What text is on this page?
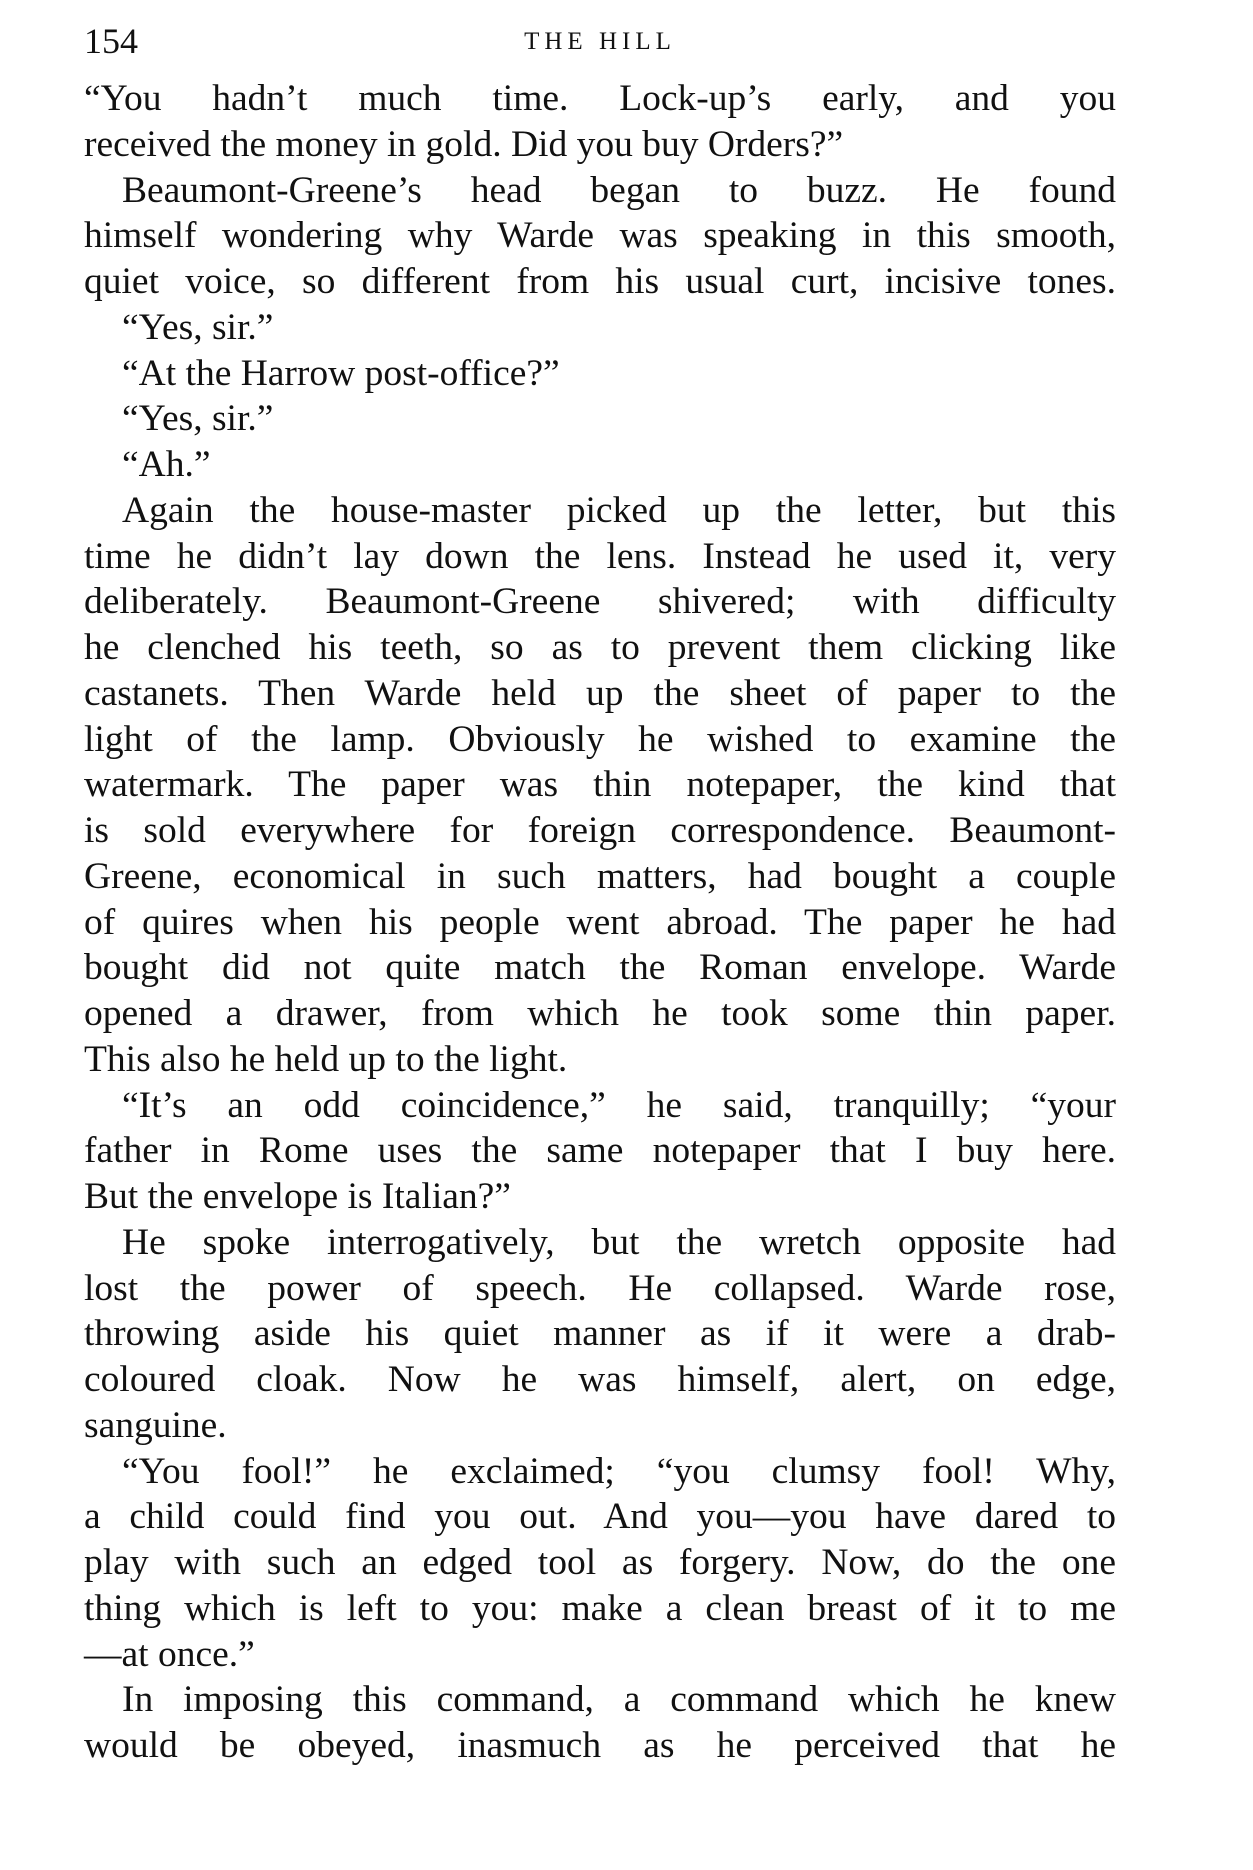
154	THE HILL
“You hadn’t much time. Lock-up’s early, and you
received the money in gold. Did you buy Orders?”
Beaumont-Greene’s head began to buzz. He found
himself wondering why Warde was speaking in this smooth,
quiet voice, so different from his usual curt, incisive tones.
“Yes, sir.”
“At the Harrow post-office?”
“Yes, sir.”
“Ah.”
Again the house-master picked up the letter, but this
time he didn’t lay down the lens. Instead he used it, very
deliberately. Beaumont-Greene shivered; with difficulty
he clenched his teeth, so as to prevent them clicking like
castanets. Then Warde held up the sheet of paper to the
light of the lamp. Obviously he wished to examine the
watermark. The paper was thin notepaper, the kind that
is sold everywhere for foreign correspondence. Beaumont-
Greene, economical in such matters, had bought a couple
of quires when his people went abroad. The paper he had
bought did not quite match the Roman envelope. Warde
opened a drawer, from which he took some thin paper.
This also he held up to the light.
“It’s an odd coincidence,” he said, tranquilly; “your
father in Rome uses the same notepaper that I buy here.
But the envelope is Italian?”
He spoke interrogatively, but the wretch opposite had
lost the power of speech. He collapsed. Warde rose,
throwing aside his quiet manner as if it were a drab-
coloured cloak. Now he was himself, alert, on edge,
sanguine.
“You fool!” he exclaimed; “you clumsy fool! Why,
a child could find you out. And you—you have dared to
play with such an edged tool as forgery. Now, do the one
thing which is left to you: make a clean breast of it to me
—at once.”
In imposing this command, a command which he knew
would be obeyed, inasmuch as he perceived that he
